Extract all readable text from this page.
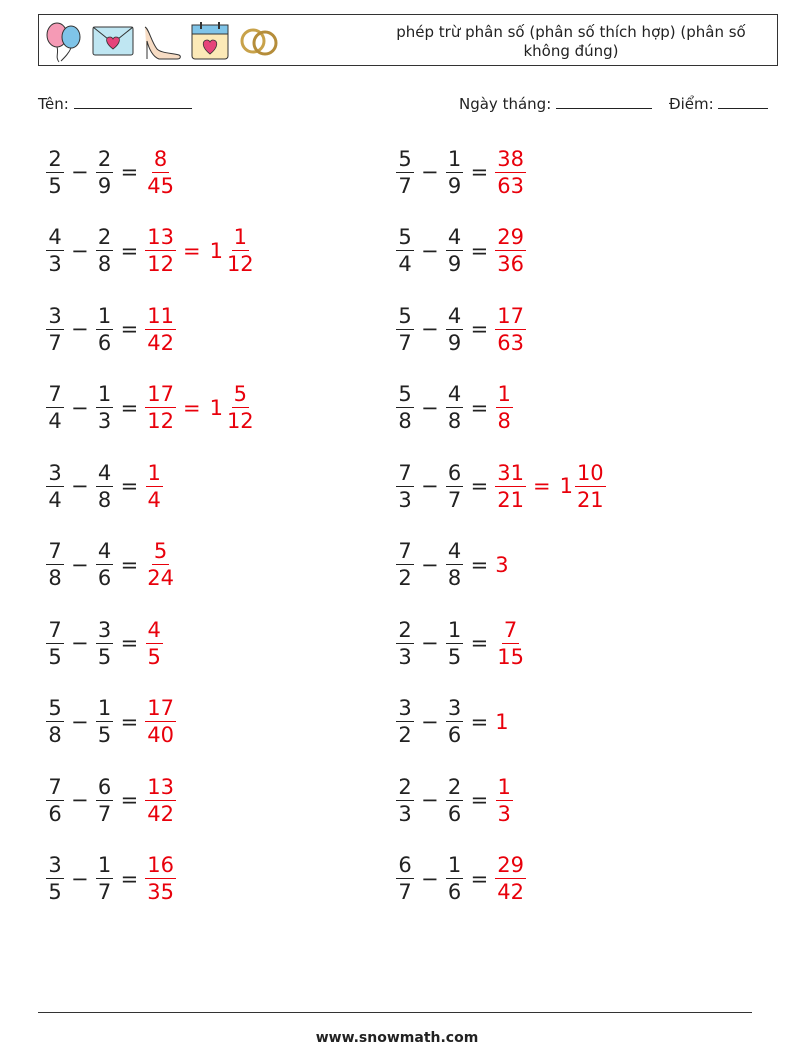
phép trừ phân số (phân số thích hợp) (phân số không đúng)
Tên:	Ngày tháng:	Điểm:
$\frac{2}{5} - \frac{2}{9} = \frac{8}{45}$	$\frac{5}{7} - \frac{1}{9} = \frac{38}{63}$
$\frac{4}{3} - \frac{2}{8} = \frac{13}{12} = 1 \frac{1}{12}$	$\frac{5}{4} - \frac{4}{9} = \frac{29}{36}$
$\frac{3}{7} - \frac{1}{6} = \frac{11}{42}$	$\frac{5}{7} - \frac{4}{9} = \frac{17}{63}$
$\frac{7}{4} - \frac{1}{3} = \frac{17}{12} = 1 \frac{5}{12}$	$\frac{5}{8} - \frac{4}{8} = \frac{1}{8}$
$\frac{3}{4} - \frac{4}{8} = \frac{1}{4}$	$\frac{7}{3} - \frac{6}{7} = \frac{31}{21} = 1 \frac{10}{21}$
$\frac{7}{8} - \frac{4}{6} = \frac{5}{24}$	$\frac{7}{2} - \frac{4}{8} = 3$
$\frac{7}{5} - \frac{3}{5} = \frac{4}{5}$	$\frac{2}{3} - \frac{1}{5} = \frac{7}{15}$
$\frac{5}{8} - \frac{1}{5} = \frac{17}{40}$	$\frac{3}{2} - \frac{3}{6} = 1$
$\frac{7}{6} - \frac{6}{7} = \frac{13}{42}$	$\frac{2}{3} - \frac{2}{6} = \frac{1}{3}$
$\frac{3}{5} - \frac{1}{7} = \frac{16}{35}$	$\frac{6}{7} - \frac{1}{6} = \frac{29}{42}$
www.snowmath.com
